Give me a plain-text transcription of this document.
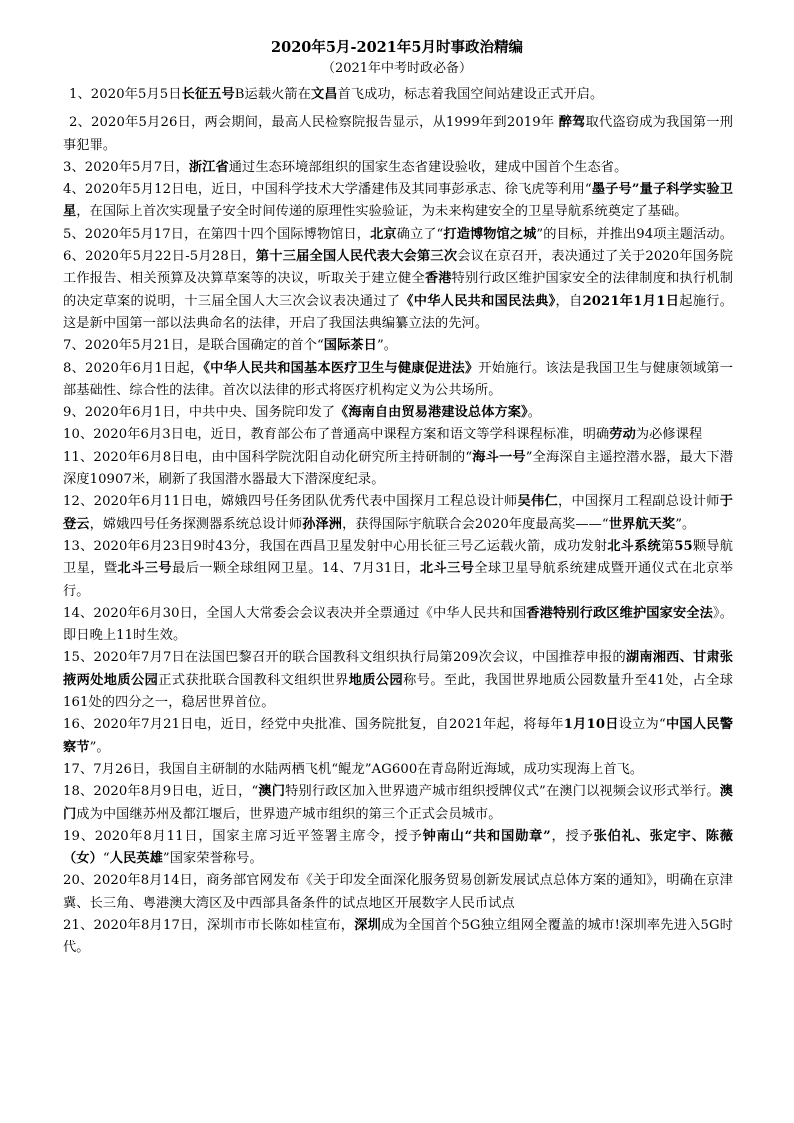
2020年5月-2021年5月时事政治精编
（2021年中考时政必备）

1、2020年5月5日长征五号B运载火箭在文昌首飞成功，标志着我国空间站建设正式开启。

2、2020年5月26日，两会期间，最高人民检察院报告显示，从1999年到2019年 醉驾取代盗窃成为我国第一刑事犯罪。

3、2020年5月7日，浙江省通过生态环境部组织的国家生态省建设验收，建成中国首个生态省。

4、2020年5月12日电，近日，中国科学技术大学潘建伟及其同事彭承志、徐飞虎等利用“墨子号”量子科学实验卫星，在国际上首次实现量子安全时间传递的原理性实验验证，为未来构建安全的卫星导航系统奠定了基础。

5、2020年5月17日，在第四十四个国际博物馆日，北京确立了“打造博物馆之城”的目标，并推出94项主题活动。

6、2020年5月22日-5月28日，第十三届全国人民代表大会第三次会议在京召开，表决通过了关于2020年国务院工作报告、相关预算及决算草案等的决议，听取关于建立健全香港特别行政区维护国家安全的法律制度和执行机制的决定草案的说明，十三届全国人大三次会议表决通过了《中华人民共和国民法典》，自2021年1月1日起施行。这是新中国第一部以法典命名的法律，开启了我国法典编纂立法的先河。

7、2020年5月21日，是联合国确定的首个“国际茶日”。

8、2020年6月1日起，《中华人民共和国基本医疗卫生与健康促进法》开始施行。该法是我国卫生与健康领域第一部基础性、综合性的法律。首次以法律的形式将医疗机构定义为公共场所。

9、2020年6月1日，中共中央、国务院印发了《海南自由贸易港建设总体方案》。

10、2020年6月3日电，近日，教育部公布了普通高中课程方案和语文等学科课程标准，明确劳动为必修课程

11、2020年6月8日电，由中国科学院沈阳自动化研究所主持研制的“海斗一号”全海深自主遥控潜水器，最大下潜深度10907米，刷新了我国潜水器最大下潜深度纪录。

12、2020年6月11日电，嫦娥四号任务团队优秀代表中国探月工程总设计师吴伟仁，中国探月工程副总设计师于登云，嫦娥四号任务探测器系统总设计师孙泽洲，获得国际宇航联合会2020年度最高奖——“世界航天奖”。

13、2020年6月23日9时43分，我国在西昌卫星发射中心用长征三号乙运载火箭，成功发射北斗系统第55颗导航卫星，暨北斗三号最后一颗全球组网卫星。14、7月31日，北斗三号全球卫星导航系统建成暨开通仪式在北京举行。

14、2020年6月30日，全国人大常委会会议表决并全票通过《中华人民共和国香港特别行政区维护国家安全法》。即日晚上11时生效。

15、2020年7月7日在法国巴黎召开的联合国教科文组织执行局第209次会议，中国推荐申报的湖南湘西、甘肃张掖两处地质公园正式获批联合国教科文组织世界地质公园称号。至此，我国世界地质公园数量升至41处，占全球161处的四分之一，稳居世界首位。

16、2020年7月21日电，近日，经党中央批准、国务院批复，自2021年起，将每年1月10日设立为“中国人民警察节”。

17、7月26日，我国自主研制的水陆两栖飞机“鲲龙”AG600在青岛附近海域，成功实现海上首飞。

18、2020年8月9日电，近日，“澳门特别行政区加入世界遗产城市组织授牌仪式”在澳门以视频会议形式举行。澳门成为中国继苏州及都江堰后，世界遗产城市组织的第三个正式会员城市。

19、2020年8月11日，国家主席习近平签署主席令，授予钟南山“共和国勋章”，授予张伯礼、张定宇、陈薇（女）“人民英雄”国家荣誉称号。

20、2020年8月14日，商务部官网发布《关于印发全面深化服务贸易创新发展试点总体方案的通知》，明确在京津冀、长三角、粤港澳大湾区及中西部具备条件的试点地区开展数字人民币试点

21、2020年8月17日，深圳市市长陈如桂宣布，深圳成为全国首个5G独立组网全覆盖的城市!深圳率先进入5G时代。
